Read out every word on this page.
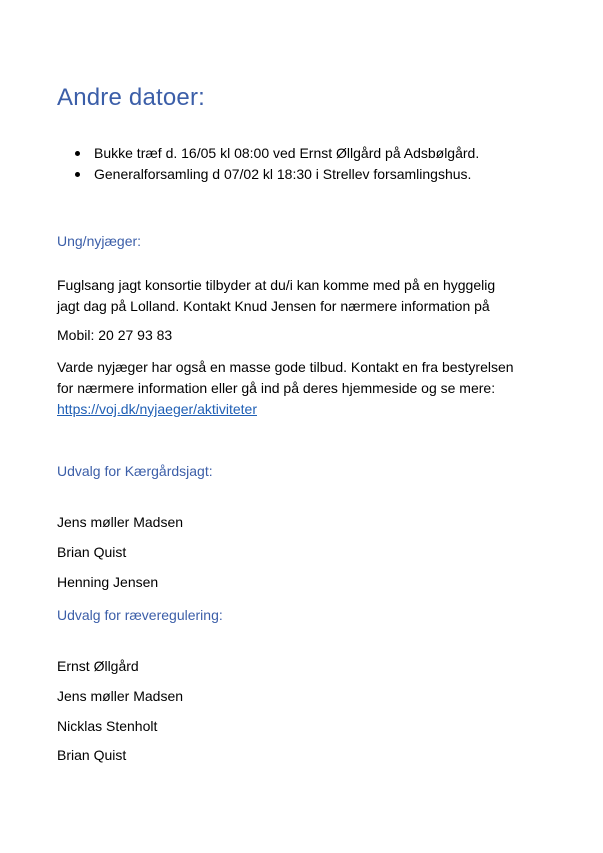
Andre datoer:
Bukke træf d. 16/05 kl 08:00 ved Ernst Øllgård på Adsbølgård.
Generalforsamling d 07/02 kl 18:30 i Strellev forsamlingshus.
Ung/nyjæger:

Fuglsang jagt konsortie tilbyder at du/i kan komme med på en hyggelig
jagt dag på Lolland. Kontakt Knud Jensen for nærmere information på

Mobil: 20 27 93 83

Varde nyjæger har også en masse gode tilbud. Kontakt en fra bestyrelsen
for nærmere information eller gå ind på deres hjemmeside og se mere:
https://voj.dk/nyjaeger/aktiviteter

Udvalg for Kærgårdsjagt:

Jens møller Madsen

Brian Quist

Henning Jensen

Udvalg for ræveregulering:

Ernst Øllgård

Jens møller Madsen

Nicklas Stenholt

Brian Quist
